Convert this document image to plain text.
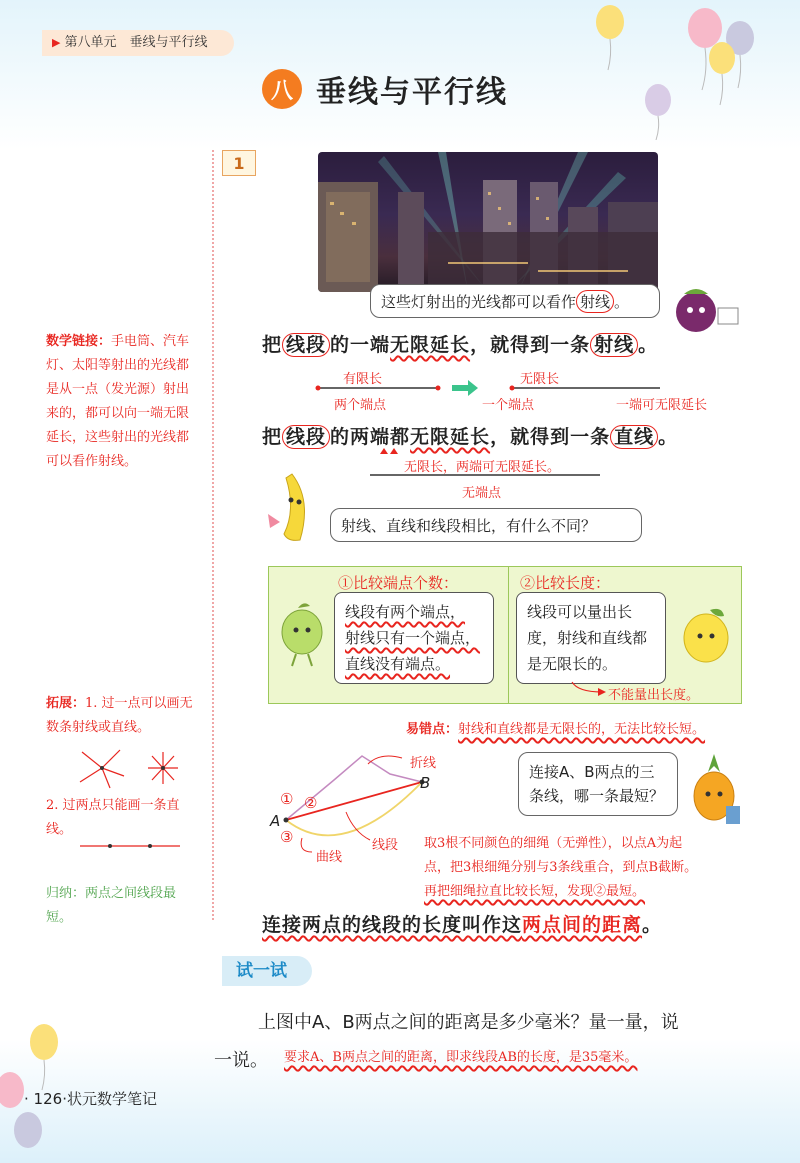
▶ 第八单元　垂线与平行线
八 垂线与平行线
1
这些灯射出的光线都可以看作 射线 。
把 线段 的一端无限延长，就得到一条 射线 。
有限长
两个端点
无限长
一个端点	一端可无限延长
把 线段 的两端都无限延长，就得到一条 直线 。
无限长，两端可无限延长。
无端点
射线、直线和线段相比，有什么不同？
①比较端点个数：
线段有两个端点，
射线只有一个端点，
直线没有端点。
②比较长度：
线段可以量出长
度，射线和直线都
是无限长的。
不能量出长度。
易错点：射线和直线都是无限长的，无法比较长短。
折线
B
A
① ②
③
曲线
线段
连接A、B两点的三
条线，哪一条最短？
取3根不同颜色的细绳（无弹性），以点A为起
点，把3根细绳分别与3条线重合，到点B截断。
再把细绳拉直比较长短，发现②最短。
连接两点的线段的长度叫作这两点间的距离。
数学链接：手电筒、汽车灯、太阳等射出的光线都是从一点（发光源）射出来的，都可以向一端无限延长，这些射出的光线都可以看作射线。
拓展：1. 过一点可以画无数条射线或直线。
2. 过两点只能画一条直线。
归纳：两点之间线段最短。
试一试
上图中A、B两点之间的距离是多少毫米？量一量，说
一说。 要求A、B两点之间的距离，即求线段AB的长度，是35毫米。
· 126·状元数学笔记
